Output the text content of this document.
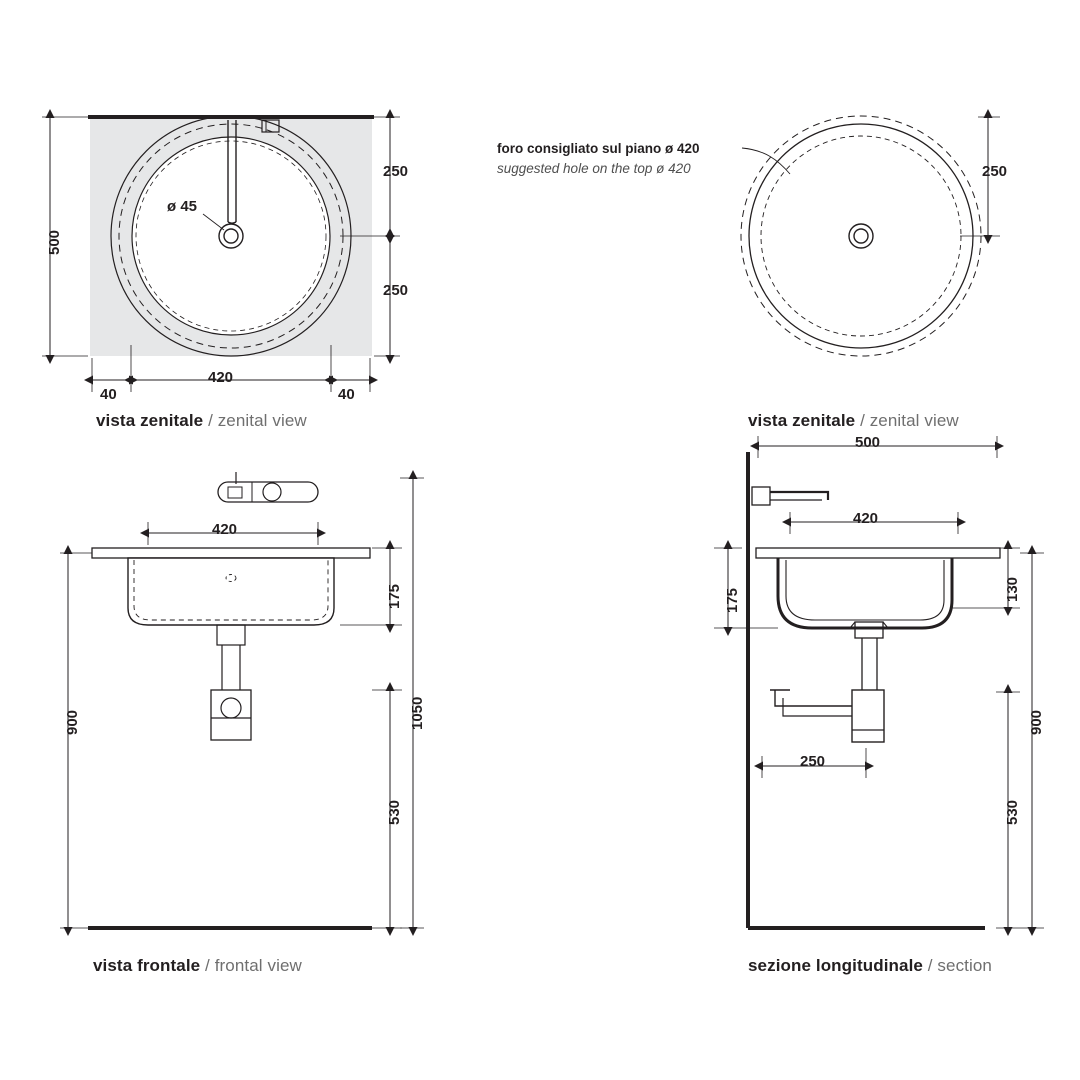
500
250
250
420
40	40
ø 45
vista zenitale / zenital view
foro consigliato sul piano ø 420
suggested hole on the top ø 420	250
vista zenitale / zenital view
420
175
900	1050
530
vista frontale / frontal view
500
420
175	130
250
900
530
sezione longitudinale / section
